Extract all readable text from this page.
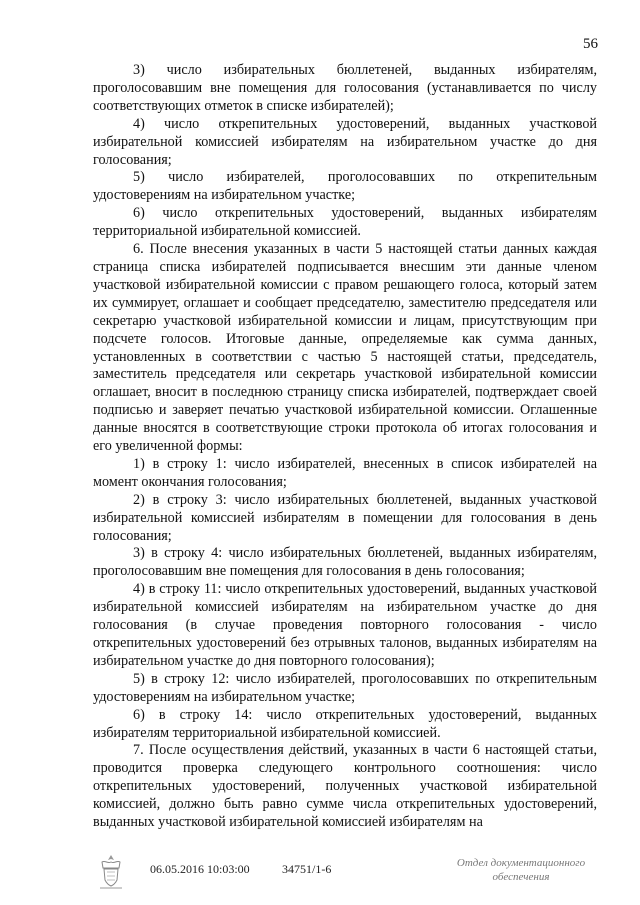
56

3) число избирательных бюллетеней, выданных избирателям, проголосовавшим вне помещения для голосования (устанавливается по числу соответствующих отметок в списке избирателей);

4) число открепительных удостоверений, выданных участковой избирательной комиссией избирателям на избирательном участке до дня голосования;

5) число избирателей, проголосовавших по открепительным удостоверениям на избирательном участке;

6) число открепительных удостоверений, выданных избирателям территориальной избирательной комиссией.

6. После внесения указанных в части 5 настоящей статьи данных каждая страница списка избирателей подписывается внесшим эти данные членом участковой избирательной комиссии с правом решающего голоса, который затем их суммирует, оглашает и сообщает председателю, заместителю председателя или секретарю участковой избирательной комиссии и лицам, присутствующим при подсчете голосов. Итоговые данные, определяемые как сумма данных, установленных в соответствии с частью 5 настоящей статьи, председатель, заместитель председателя или секретарь участковой избирательной комиссии оглашает, вносит в последнюю страницу списка избирателей, подтверждает своей подписью и заверяет печатью участковой избирательной комиссии. Оглашенные данные вносятся в соответствующие строки протокола об итогах голосования и его увеличенной формы:

1) в строку 1: число избирателей, внесенных в список избирателей на момент окончания голосования;

2) в строку 3: число избирательных бюллетеней, выданных участковой избирательной комиссией избирателям в помещении для голосования в день голосования;

3) в строку 4: число избирательных бюллетеней, выданных избирателям, проголосовавшим вне помещения для голосования в день голосования;

4) в строку 11: число открепительных удостоверений, выданных участковой избирательной комиссией избирателям на избирательном участке до дня голосования (в случае проведения повторного голосования - число открепительных удостоверений без отрывных талонов, выданных избирателям на избирательном участке до дня повторного голосования);

5) в строку 12: число избирателей, проголосовавших по открепительным удостоверениям на избирательном участке;

6) в строку 14: число открепительных удостоверений, выданных избирателям территориальной избирательной комиссией.

7. После осуществления действий, указанных в части 6 настоящей статьи, проводится проверка следующего контрольного соотношения: число открепительных удостоверений, полученных участковой избирательной комиссией, должно быть равно сумме числа открепительных удостоверений, выданных участковой избирательной комиссией избирателям на

06.05.2016 10:03:00	34751/1-6	Отдел документационного
обеспечения
